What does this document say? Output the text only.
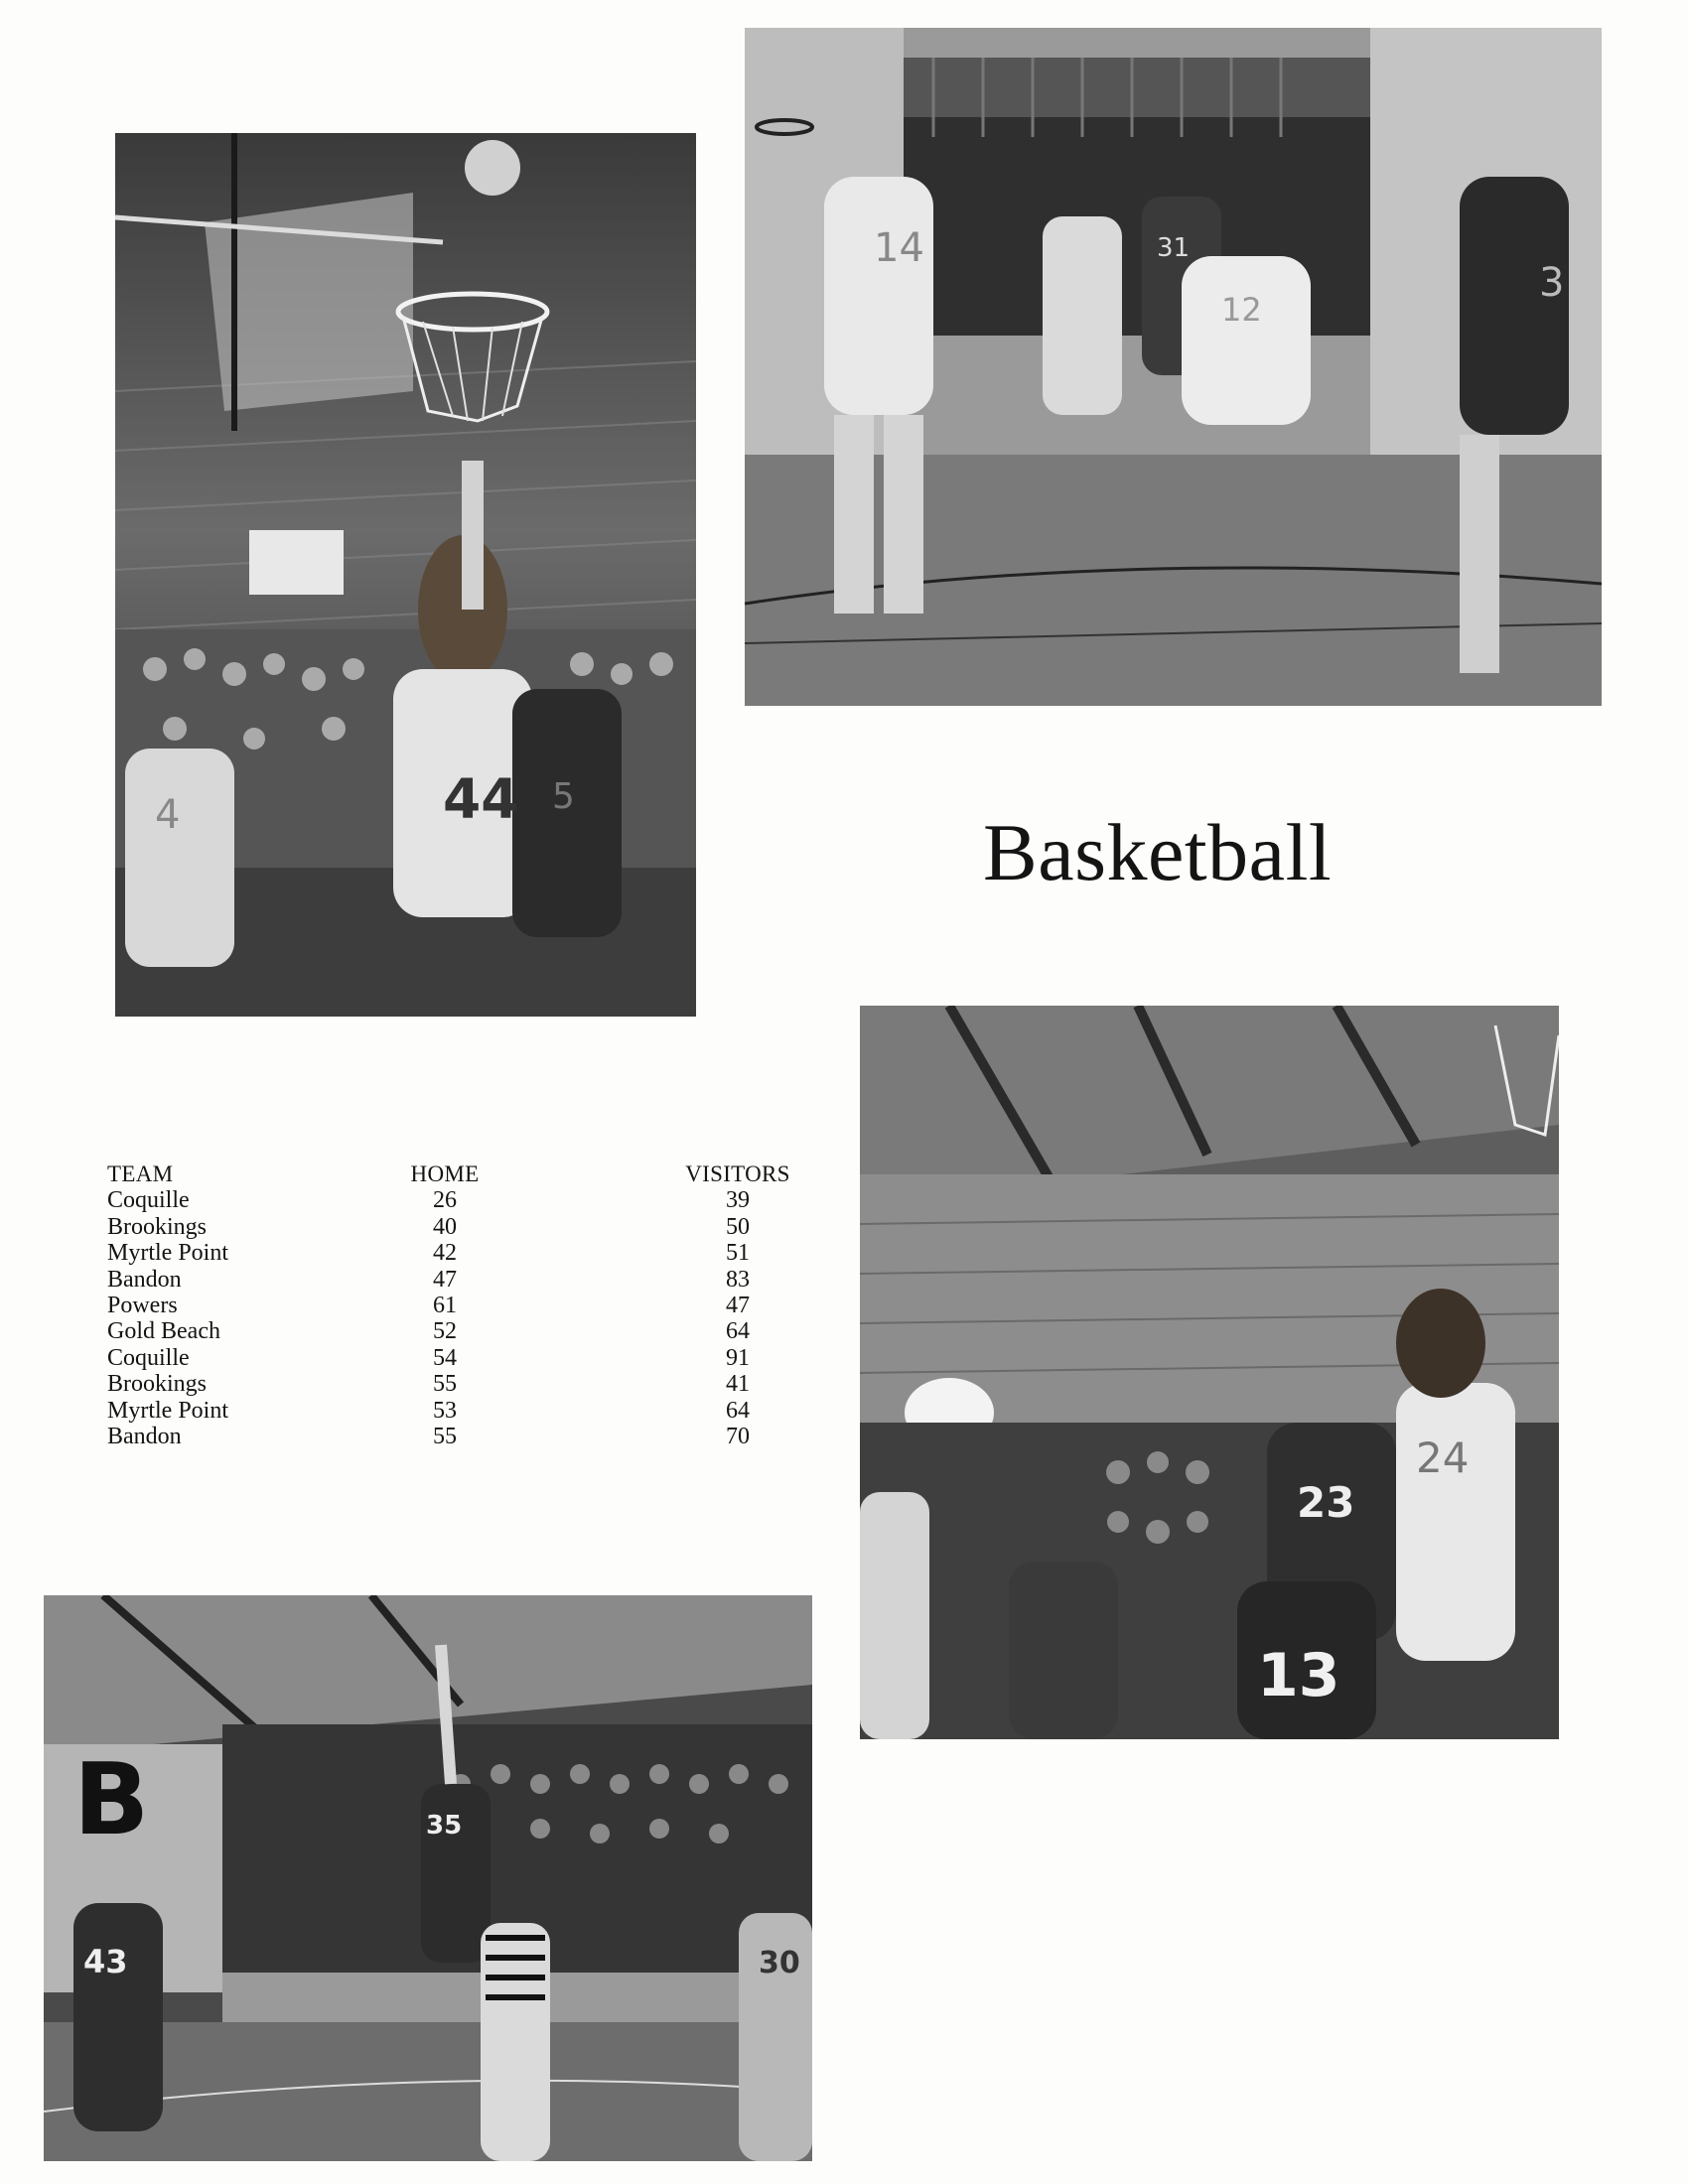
44 5
4
14	31
12
3
Basketball
23
24
13
TEAM	HOME	VISITORS
Coquille	26	39
Brookings	40	50
Myrtle Point	42	51
Bandon	47	83
Powers	61	47
Gold Beach	52	64
Coquille	54	91
Brookings	55	41
Myrtle Point	53	64
Bandon	55	70
B	35
43	30
